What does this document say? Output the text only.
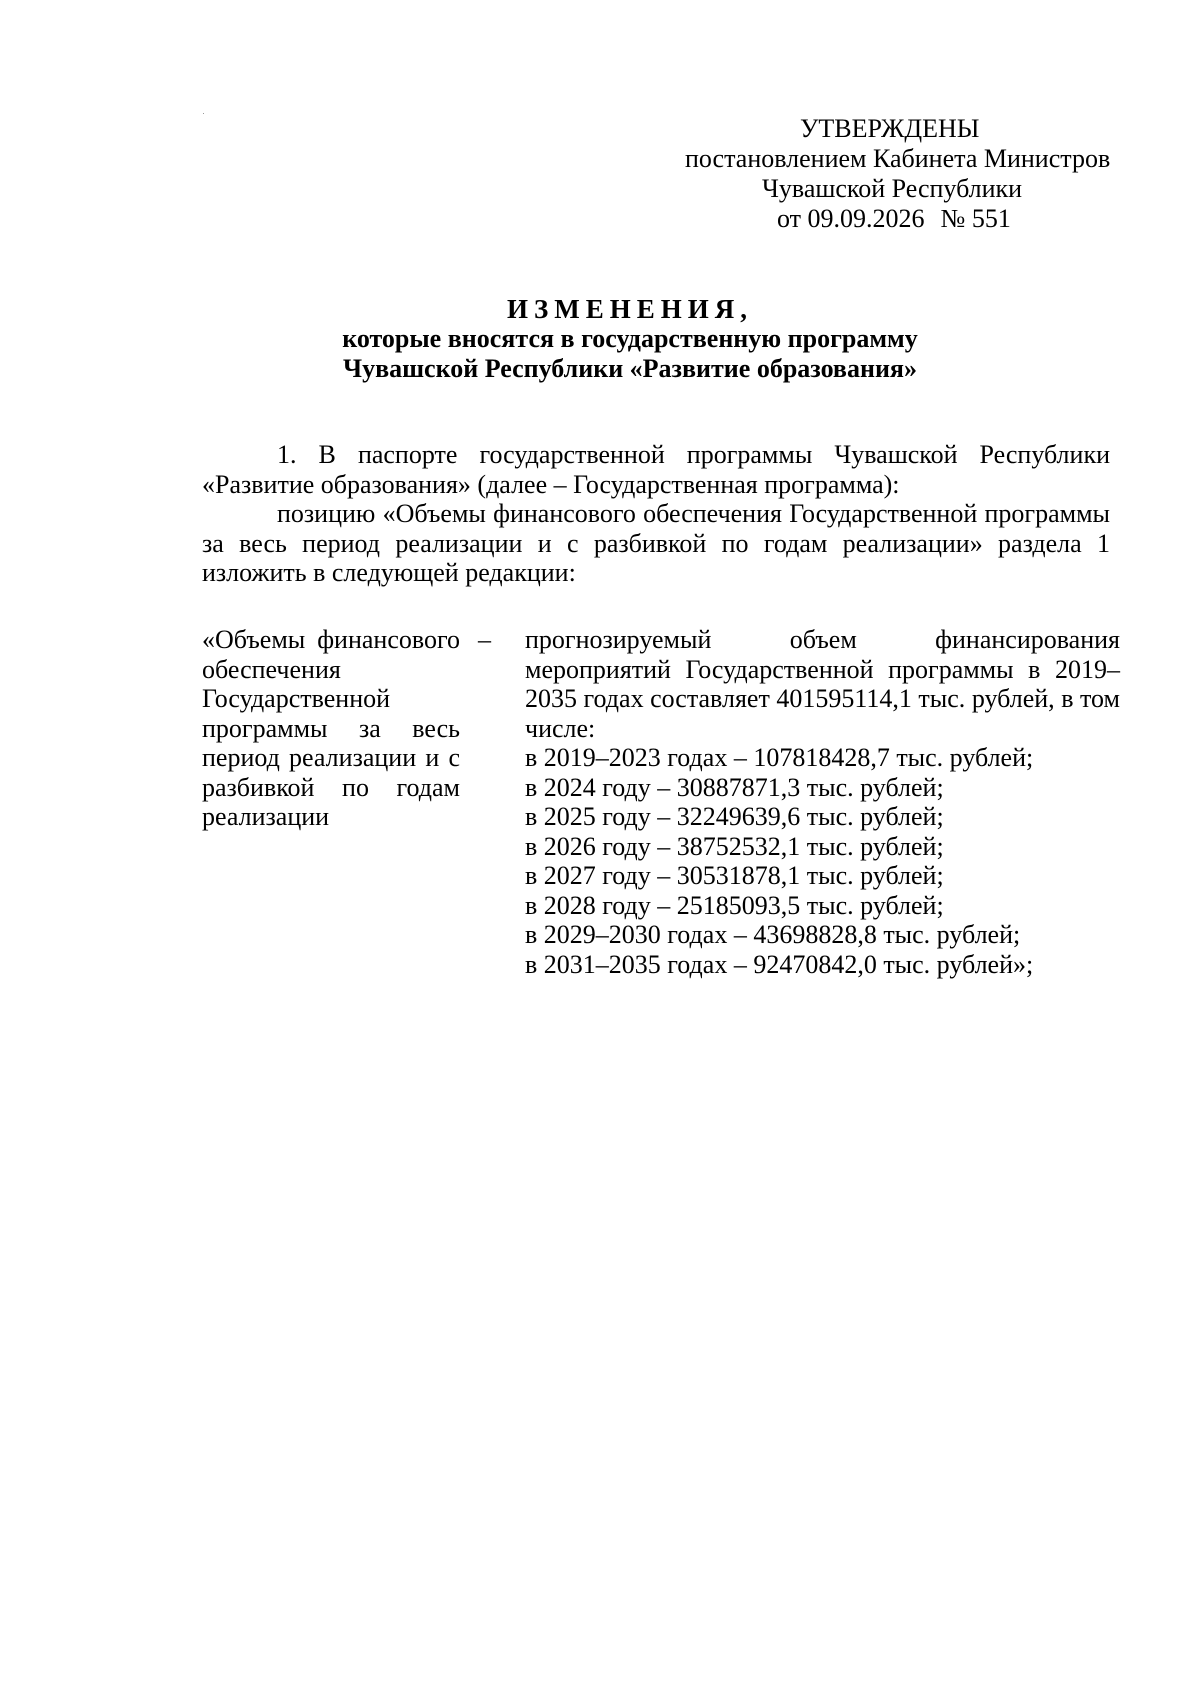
УТВЕРЖДЕНЫ
постановлением Кабинета Министров
Чувашской Республики
от 09.09.2026 № 551
ИЗМЕНЕНИЯ,
которые вносятся в государственную программу
Чувашской Республики «Развитие образования»

1. В паспорте государственной программы Чувашской Республики «Развитие образования» (далее – Государственная программа):

позицию «Объемы финансового обеспечения Государственной программы за весь период реализации и с разбивкой по годам реализации» раздела 1 изложить в следующей редакции:

«Объемы финансового обеспечения Государственной программы за весь период реализации и с разбивкой по годам реализации
– прогнозируемый объем финансирования мероприятий Государственной программы в 2019–2035 годах составляет 401595114,1 тыс. рублей, в том числе:
в 2019–2023 годах – 107818428,7 тыс. рублей;
в 2024 году – 30887871,3 тыс. рублей;
в 2025 году – 32249639,6 тыс. рублей;
в 2026 году – 38752532,1 тыс. рублей;
в 2027 году – 30531878,1 тыс. рублей;
в 2028 году – 25185093,5 тыс. рублей;
в 2029–2030 годах – 43698828,8 тыс. рублей;
в 2031–2035 годах – 92470842,0 тыс. рублей»;
